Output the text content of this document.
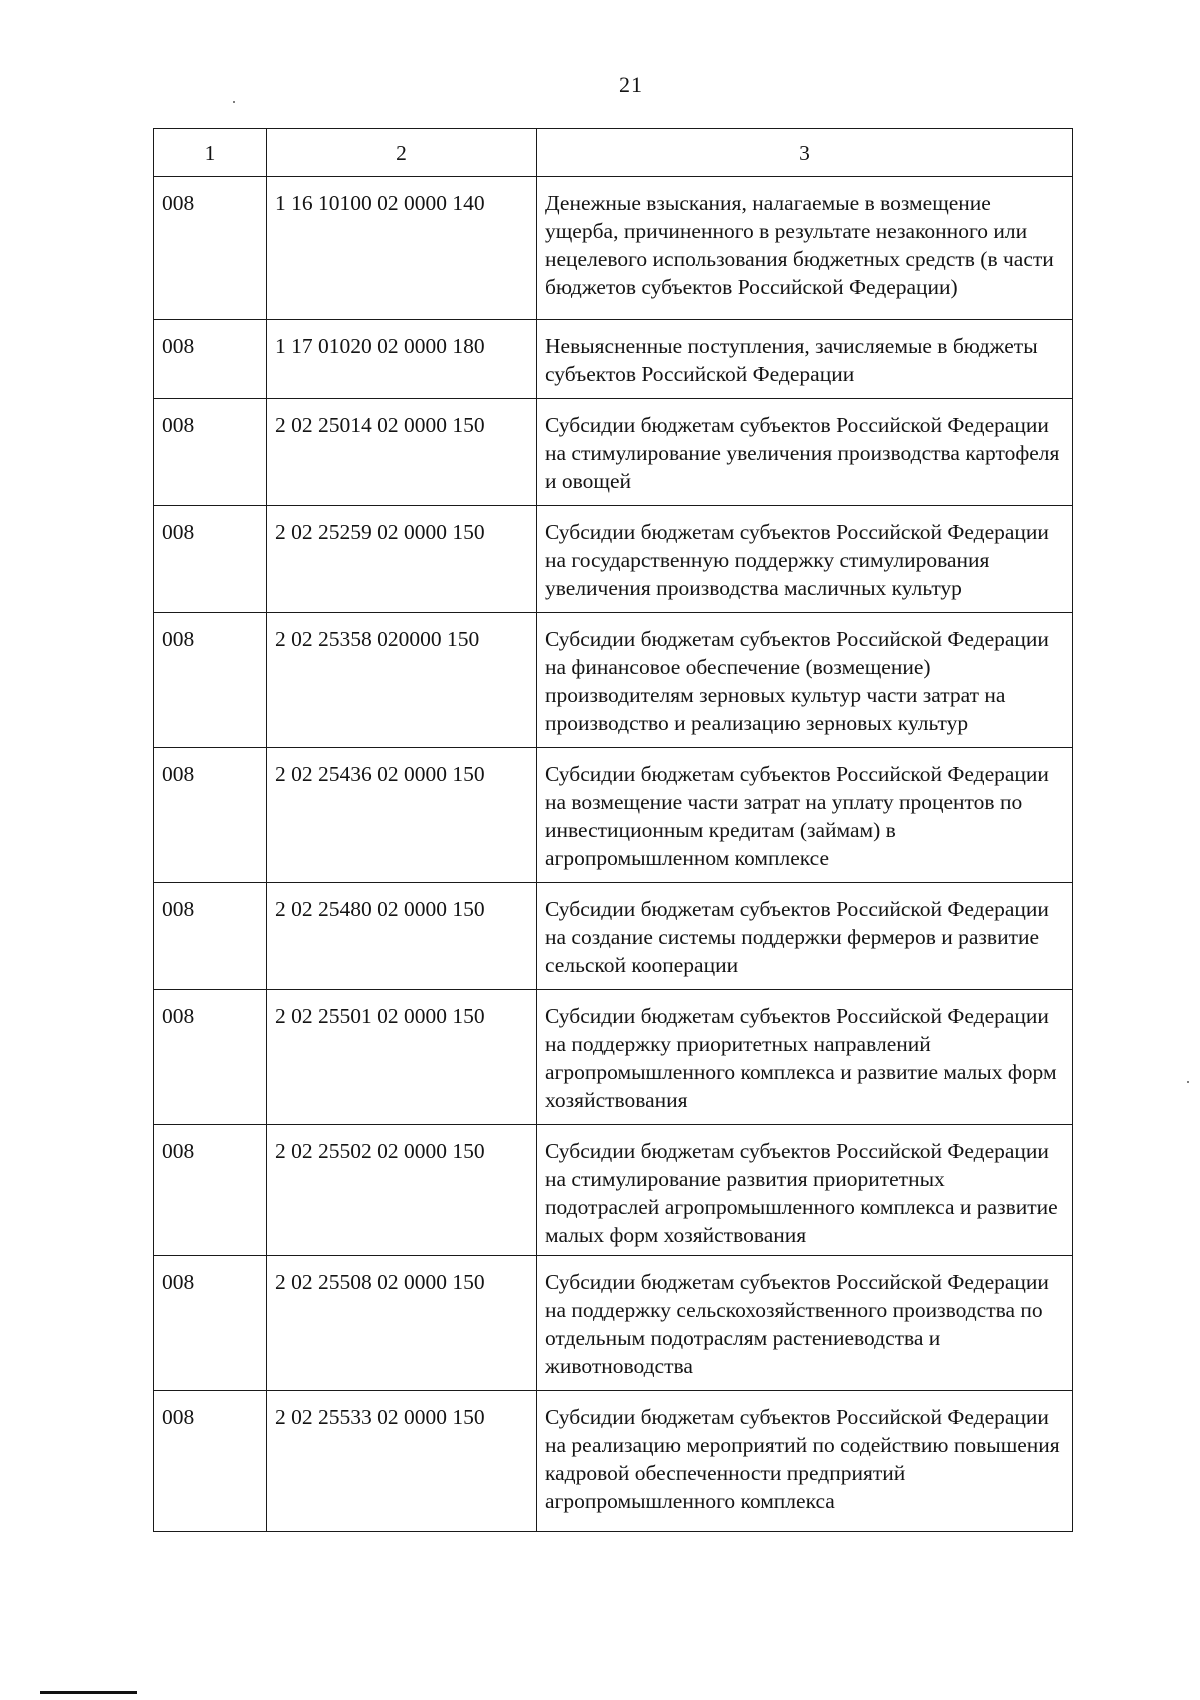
21
1	2	3
008	1 16 10100 02 0000 140	Денежные взыскания, налагаемые в возмещение ущерба, причиненного в результате незаконного или нецелевого использования бюджетных средств (в части бюджетов субъектов Российской Федерации)
008	1 17 01020 02 0000 180	Невыясненные поступления, зачисляемые в бюджеты субъектов Российской Федерации
008	2 02 25014 02 0000 150	Субсидии бюджетам субъектов Российской Федерации на стимулирование увеличения производства картофеля и овощей
008	2 02 25259 02 0000 150	Субсидии бюджетам субъектов Российской Федерации на государственную поддержку стимулирования увеличения производства масличных культур
008	2 02 25358 020000 150	Субсидии бюджетам субъектов Российской Федерации на финансовое обеспечение (возмещение) производителям зерновых культур части затрат на производство и реализацию зерновых культур
008	2 02 25436 02 0000 150	Субсидии бюджетам субъектов Российской Федерации на возмещение части затрат на уплату процентов по инвестиционным кредитам (займам) в агропромышленном комплексе
008	2 02 25480 02 0000 150	Субсидии бюджетам субъектов Российской Федерации на создание системы поддержки фермеров и развитие сельской кооперации
008	2 02 25501 02 0000 150	Субсидии бюджетам субъектов Российской Федерации на поддержку приоритетных направлений агропромышленного комплекса и развитие малых форм хозяйствования
008	2 02 25502 02 0000 150	Субсидии бюджетам субъектов Российской Федерации на стимулирование развития приоритетных подотраслей агропромышленного комплекса и развитие малых форм хозяйствования
008	2 02 25508 02 0000 150	Субсидии бюджетам субъектов Российской Федерации на поддержку сельскохозяйственного производства по отдельным подотраслям растениеводства и животноводства
008	2 02 25533 02 0000 150	Субсидии бюджетам субъектов Российской Федерации на реализацию мероприятий по содействию повышения кадровой обеспеченности предприятий агропромышленного комплекса
